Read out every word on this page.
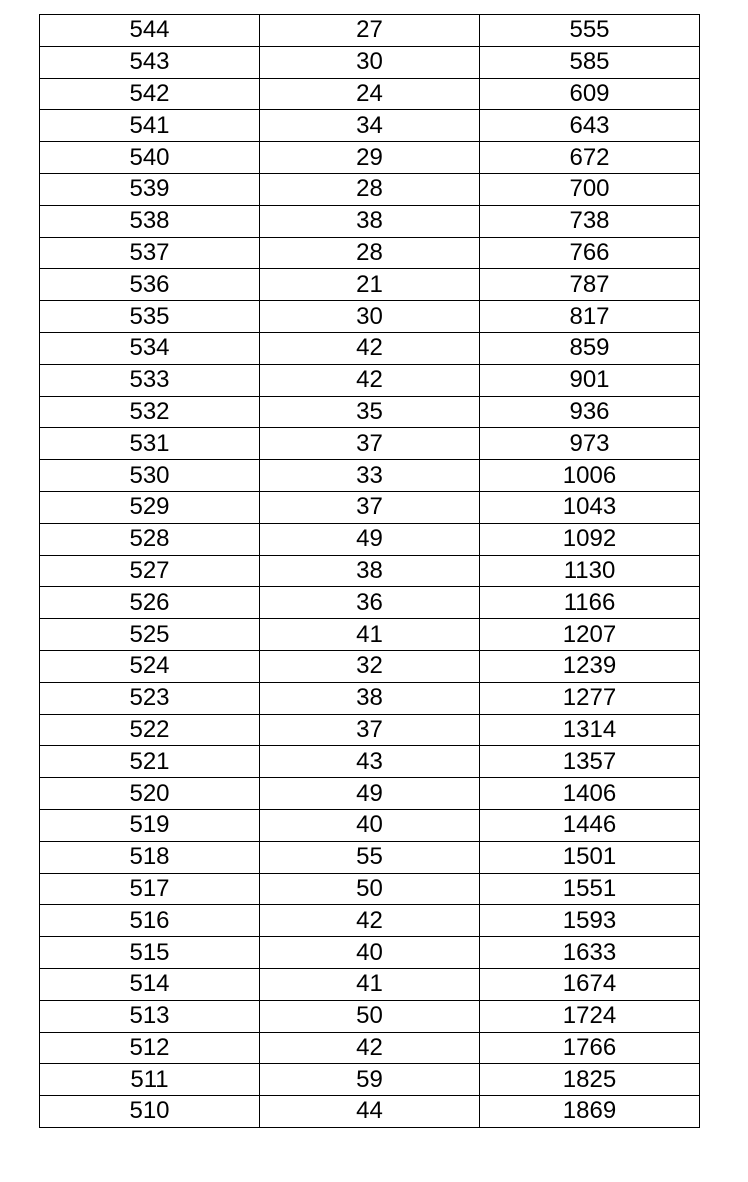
544	27	555
543	30	585
542	24	609
541	34	643
540	29	672
539	28	700
538	38	738
537	28	766
536	21	787
535	30	817
534	42	859
533	42	901
532	35	936
531	37	973
530	33	1006
529	37	1043
528	49	1092
527	38	1130
526	36	1166
525	41	1207
524	32	1239
523	38	1277
522	37	1314
521	43	1357
520	49	1406
519	40	1446
518	55	1501
517	50	1551
516	42	1593
515	40	1633
514	41	1674
513	50	1724
512	42	1766
511	59	1825
510	44	1869
